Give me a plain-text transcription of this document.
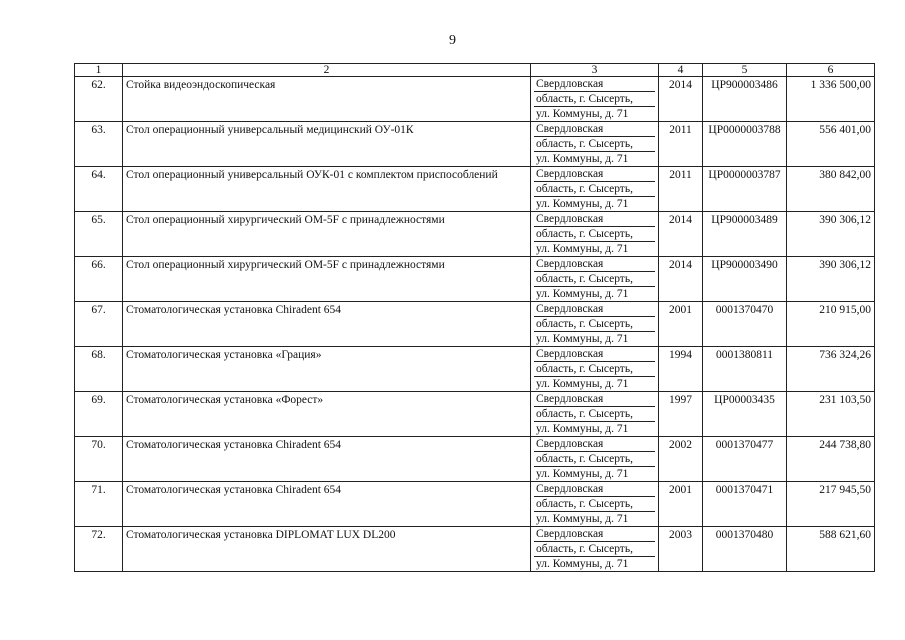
9
1	2	3	4	5	6
62.	Стойка видеоэндоскопическая	Свердловская
область, г. Сысерть,
ул. Коммуны, д. 71	2014	ЦР900003486	1 336 500,00
63.	Стол операционный универсальный медицинский ОУ-01К	Свердловская
область, г. Сысерть,
ул. Коммуны, д. 71	2011	ЦР0000003788	556 401,00
64.	Стол операционный универсальный ОУК-01 с комплектом приспособлений	Свердловская
область, г. Сысерть,
ул. Коммуны, д. 71	2011	ЦР0000003787	380 842,00
65.	Стол операционный хирургический ОМ-5F с принадлежностями	Свердловская
область, г. Сысерть,
ул. Коммуны, д. 71	2014	ЦР900003489	390 306,12
66.	Стол операционный хирургический ОМ-5F с принадлежностями	Свердловская
область, г. Сысерть,
ул. Коммуны, д. 71	2014	ЦР900003490	390 306,12
67.	Стоматологическая установка Chiradent 654	Свердловская
область, г. Сысерть,
ул. Коммуны, д. 71	2001	0001370470	210 915,00
68.	Стоматологическая установка «Грация»	Свердловская
область, г. Сысерть,
ул. Коммуны, д. 71	1994	0001380811	736 324,26
69.	Стоматологическая установка «Форест»	Свердловская
область, г. Сысерть,
ул. Коммуны, д. 71	1997	ЦР00003435	231 103,50
70.	Стоматологическая установка Chiradent 654	Свердловская
область, г. Сысерть,
ул. Коммуны, д. 71	2002	0001370477	244 738,80
71.	Стоматологическая установка Chiradent 654	Свердловская
область, г. Сысерть,
ул. Коммуны, д. 71	2001	0001370471	217 945,50
72.	Стоматологическая установка DIPLOMAT LUX DL200	Свердловская
область, г. Сысерть,
ул. Коммуны, д. 71	2003	0001370480	588 621,60
